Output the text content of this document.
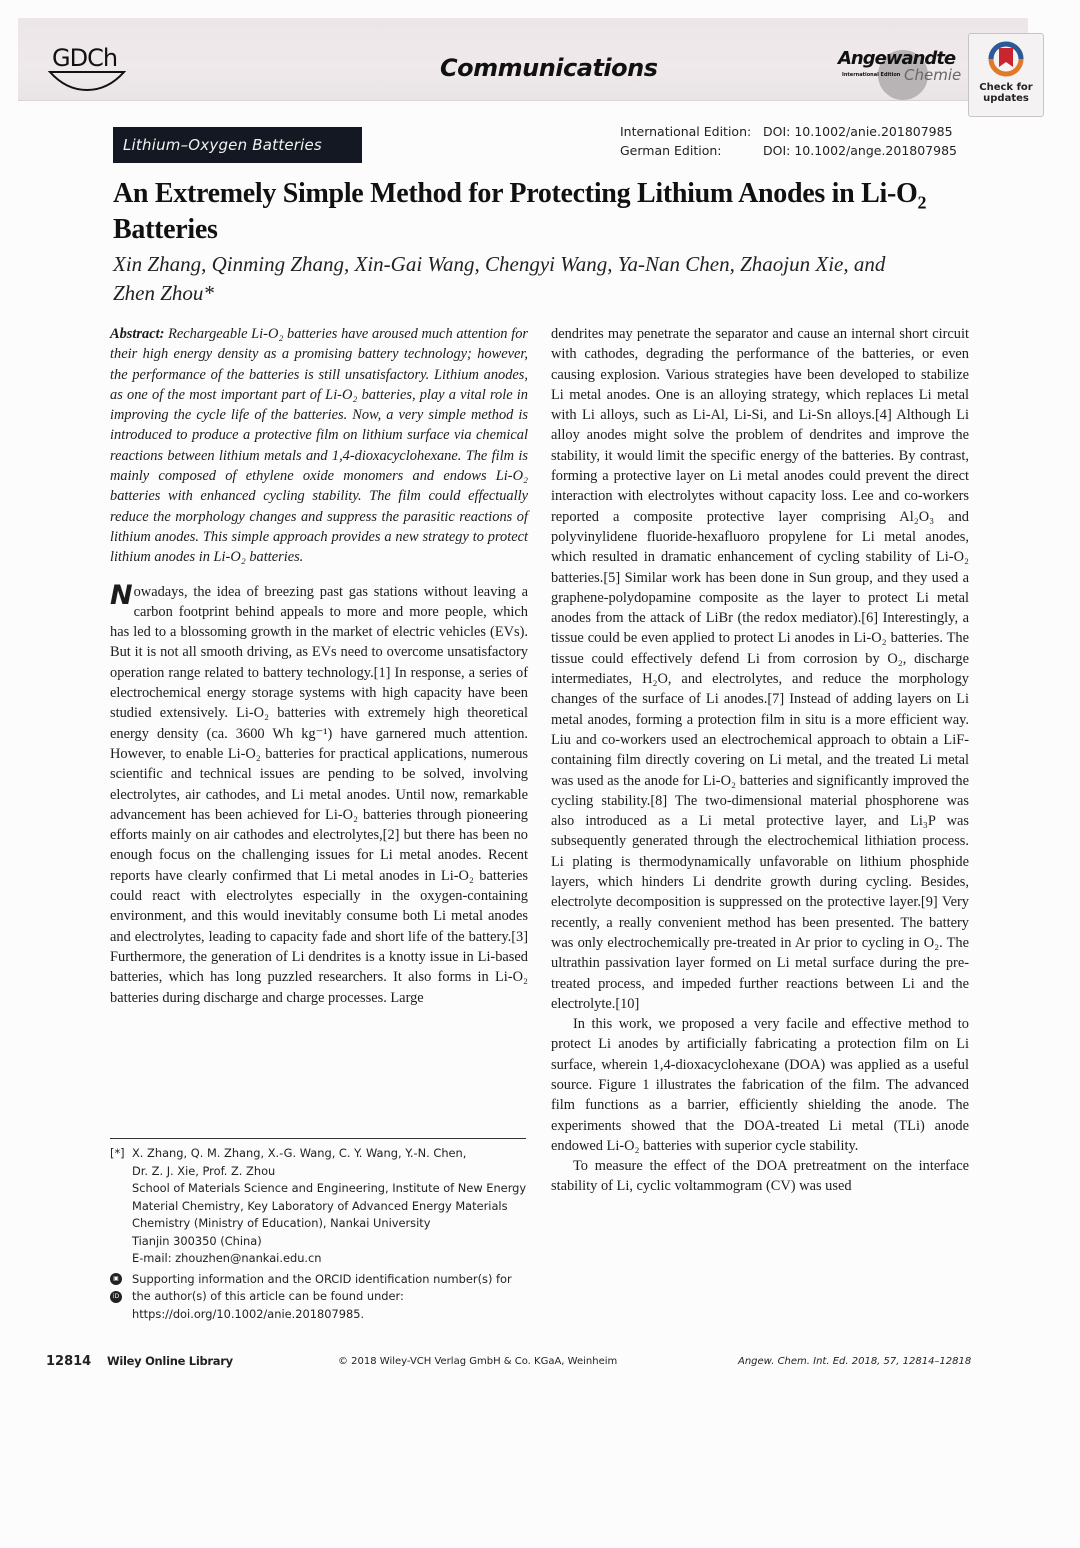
GDCh	Communications	Angewandte
International Edition Chemie
Check for
updates
Lithium–Oxygen Batteries
International Edition: DOI: 10.1002/anie.201807985
German Edition:	DOI: 10.1002/ange.201807985
An Extremely Simple Method for Protecting Lithium Anodes in $Li-O_2$
Batteries
Xin Zhang, Qinming Zhang, Xin-Gai Wang, Chengyi Wang, Ya-Nan Chen, Zhaojun Xie, and
Zhen Zhou*

Abstract: Rechargeable Li-O₂ batteries have aroused much attention for their high energy density as a promising battery technology; however, the performance of the batteries is still unsatisfactory. Lithium anodes, as one of the most important part of Li-O₂ batteries, play a vital role in improving the cycle life of the batteries. Now, a very simple method is introduced to produce a protective film on lithium surface via chemical reactions between lithium metals and 1,4-dioxacyclohexane. The film is mainly composed of ethylene oxide monomers and endows Li-O₂ batteries with enhanced cycling stability. The film could effectually reduce the morphology changes and suppress the parasitic reactions of lithium anodes. This simple approach provides a new strategy to protect lithium anodes in Li-O₂ batteries.

Nowadays, the idea of breezing past gas stations without leaving a carbon footprint behind appeals to more and more people, which has led to a blossoming growth in the market of electric vehicles (EVs). But it is not all smooth driving, as EVs need to overcome unsatisfactory operation range related to battery technology.[1] In response, a series of electrochemical energy storage systems with high capacity have been studied extensively. Li-O₂ batteries with extremely high theoretical energy density (ca. 3600 Wh kg⁻¹) have garnered much attention. However, to enable Li-O₂ batteries for practical applications, numerous scientific and technical issues are pending to be solved, involving electrolytes, air cathodes, and Li metal anodes. Until now, remarkable advancement has been achieved for Li-O₂ batteries through pioneering efforts mainly on air cathodes and electrolytes,[2] but there has been no enough focus on the challenging issues for Li metal anodes. Recent reports have clearly confirmed that Li metal anodes in Li-O₂ batteries could react with electrolytes especially in the oxygen-containing environment, and this would inevitably consume both Li metal anodes and electrolytes, leading to capacity fade and short life of the battery.[3] Furthermore, the generation of Li dendrites is a knotty issue in Li-based batteries, which has long puzzled researchers. It also forms in Li-O₂ batteries during discharge and charge processes. Large

dendrites may penetrate the separator and cause an internal short circuit with cathodes, degrading the performance of the batteries, or even causing explosion. Various strategies have been developed to stabilize Li metal anodes. One is an alloying strategy, which replaces Li metal with Li alloys, such as Li-Al, Li-Si, and Li-Sn alloys.[4] Although Li alloy anodes might solve the problem of dendrites and improve the stability, it would limit the specific energy of the batteries. By contrast, forming a protective layer on Li metal anodes could prevent the direct interaction with electrolytes without capacity loss. Lee and co-workers reported a composite protective layer comprising Al₂O₃ and polyvinylidene fluoride-hexafluoro propylene for Li metal anodes, which resulted in dramatic enhancement of cycling stability of Li-O₂ batteries.[5] Similar work has been done in Sun group, and they used a graphene-polydopamine composite as the layer to protect Li metal anodes from the attack of LiBr (the redox mediator).[6] Interestingly, a tissue could be even applied to protect Li anodes in Li-O₂ batteries. The tissue could effectively defend Li from corrosion by O₂, discharge intermediates, H₂O, and electrolytes, and reduce the morphology changes of the surface of Li anodes.[7] Instead of adding layers on Li metal anodes, forming a protection film in situ is a more efficient way. Liu and co-workers used an electrochemical approach to obtain a LiF-containing film directly covering on Li metal, and the treated Li metal was used as the anode for Li-O₂ batteries and significantly improved the cycling stability.[8] The two-dimensional material phosphorene was also introduced as a Li metal protective layer, and Li₃P was subsequently generated through the electrochemical lithiation process. Li plating is thermodynamically unfavorable on lithium phosphide layers, which hinders Li dendrite growth during cycling. Besides, electrolyte decomposition is suppressed on the protective layer.[9] Very recently, a really convenient method has been presented. The battery was only electrochemically pre-treated in Ar prior to cycling in O₂. The ultrathin passivation layer formed on Li metal surface during the pre-treated process, and impeded further reactions between Li and the electrolyte.[10]

In this work, we proposed a very facile and effective method to protect Li anodes by artificially fabricating a protection film on Li surface, wherein 1,4-dioxacyclohexane (DOA) was applied as a useful source. Figure 1 illustrates the fabrication of the film. The advanced film functions as a barrier, efficiently shielding the anode. The experiments showed that the DOA-treated Li metal (TLi) anode endowed Li-O₂ batteries with superior cycle stability.

To measure the effect of the DOA pretreatment on the interface stability of Li, cyclic voltammogram (CV) was used

[*] X. Zhang, Q. M. Zhang, X.-G. Wang, C. Y. Wang, Y.-N. Chen,
Dr. Z. J. Xie, Prof. Z. Zhou
School of Materials Science and Engineering, Institute of New Energy Material Chemistry, Key Laboratory of Advanced Energy Materials Chemistry (Ministry of Education), Nankai University
Tianjin 300350 (China)
E-mail: zhouzhen@nankai.edu.cn
▣
iD
Supporting information and the ORCID identification number(s) for the author(s) of this article can be found under:
https://doi.org/10.1002/anie.201807985.
12814 Wiley Online Library	© 2018 Wiley-VCH Verlag GmbH & Co. KGaA, Weinheim	Angew. Chem. Int. Ed. 2018, 57, 12814–12818
